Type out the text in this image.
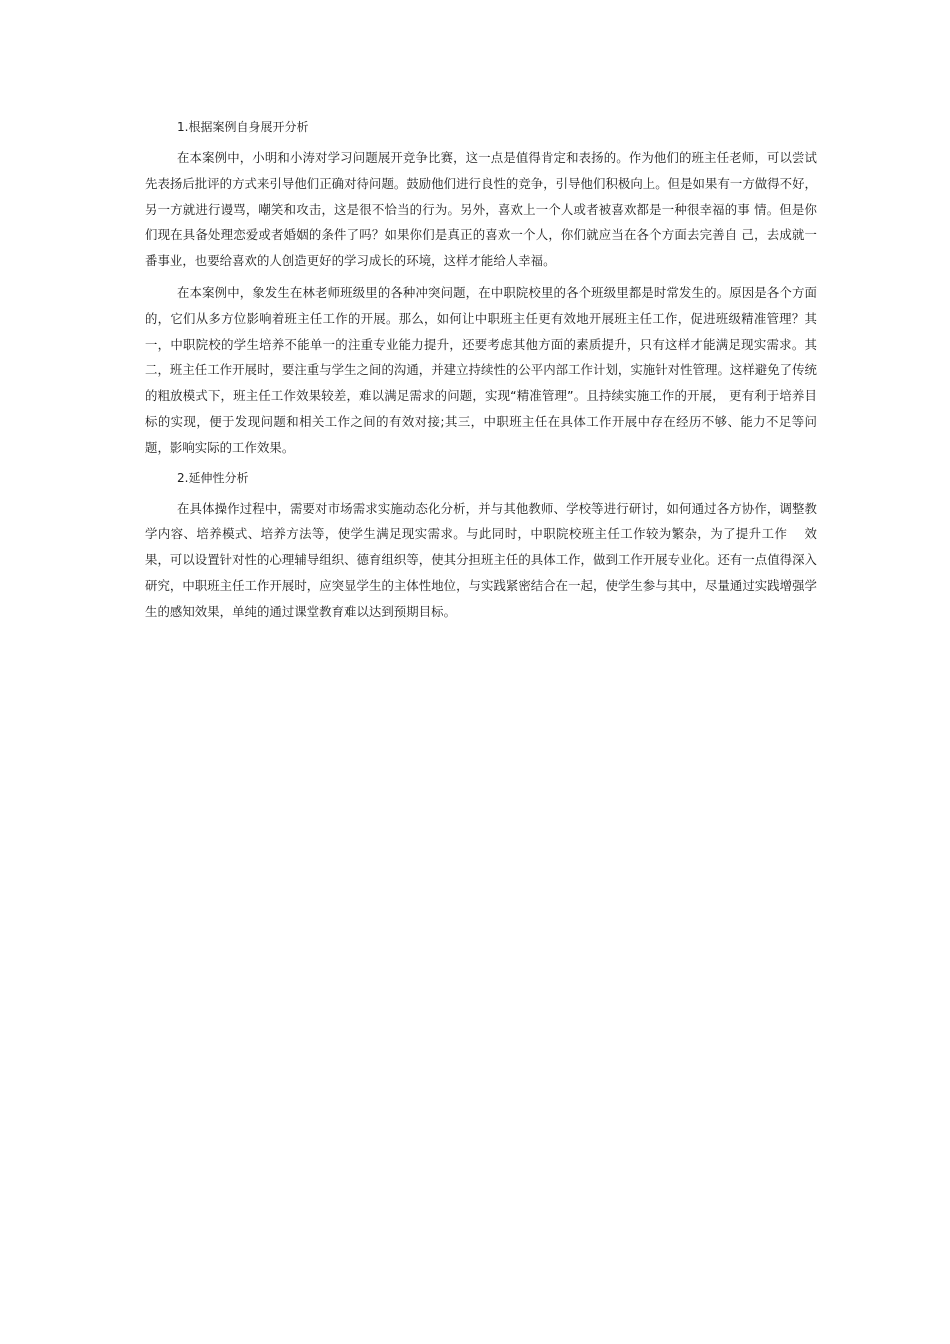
1.根据案例自身展开分析

在本案例中，小明和小涛对学习问题展开竞争比赛，这一点是值得肯定和表扬的。作为他们的班主任老师，可以尝试先表扬后批评的方式来引导他们正确对待问题。鼓励他们进行良性的竞争，引导他们积极向上。但是如果有一方做得不好，另一方就进行谩骂，嘲笑和攻击，这是很不恰当的行为。另外，喜欢上一个人或者被喜欢都是一种很幸福的事 情。但是你们现在具备处理恋爱或者婚姻的条件了吗？如果你们是真正的喜欢一个人，你们就应当在各个方面去完善自 己，去成就一番事业，也要给喜欢的人创造更好的学习成长的环境，这样才能给人幸福。

在本案例中，象发生在林老师班级里的各种冲突问题，在中职院校里的各个班级里都是时常发生的。原因是各个方面的，它们从多方位影响着班主任工作的开展。那么，如何让中职班主任更有效地开展班主任工作，促进班级精准管理？其一，中职院校的学生培养不能单一的注重专业能力提升，还要考虑其他方面的素质提升，只有这样才能满足现实需求。其二，班主任工作开展时，要注重与学生之间的沟通，并建立持续性的公平内部工作计划，实施针对性管理。这样避免了传统的粗放模式下，班主任工作效果较差，难以满足需求的问题，实现“精准管理”。且持续实施工作的开展， 更有利于培养目标的实现，便于发现问题和相关工作之间的有效对接;其三，中职班主任在具体工作开展中存在经历不够、能力不足等问题，影响实际的工作效果。

2.延伸性分析

在具体操作过程中，需要对市场需求实施动态化分析，并与其他教师、学校等进行研讨，如何通过各方协作，调整教学内容、培养模式、培养方法等，使学生满足现实需求。与此同时，中职院校班主任工作较为繁杂，为了提升工作　 效果，可以设置针对性的心理辅导组织、德育组织等，使其分担班主任的具体工作，做到工作开展专业化。还有一点值得深入研究，中职班主任工作开展时，应突显学生的主体性地位，与实践紧密结合在一起，使学生参与其中，尽量通过实践增强学生的感知效果，单纯的通过课堂教育难以达到预期目标。
